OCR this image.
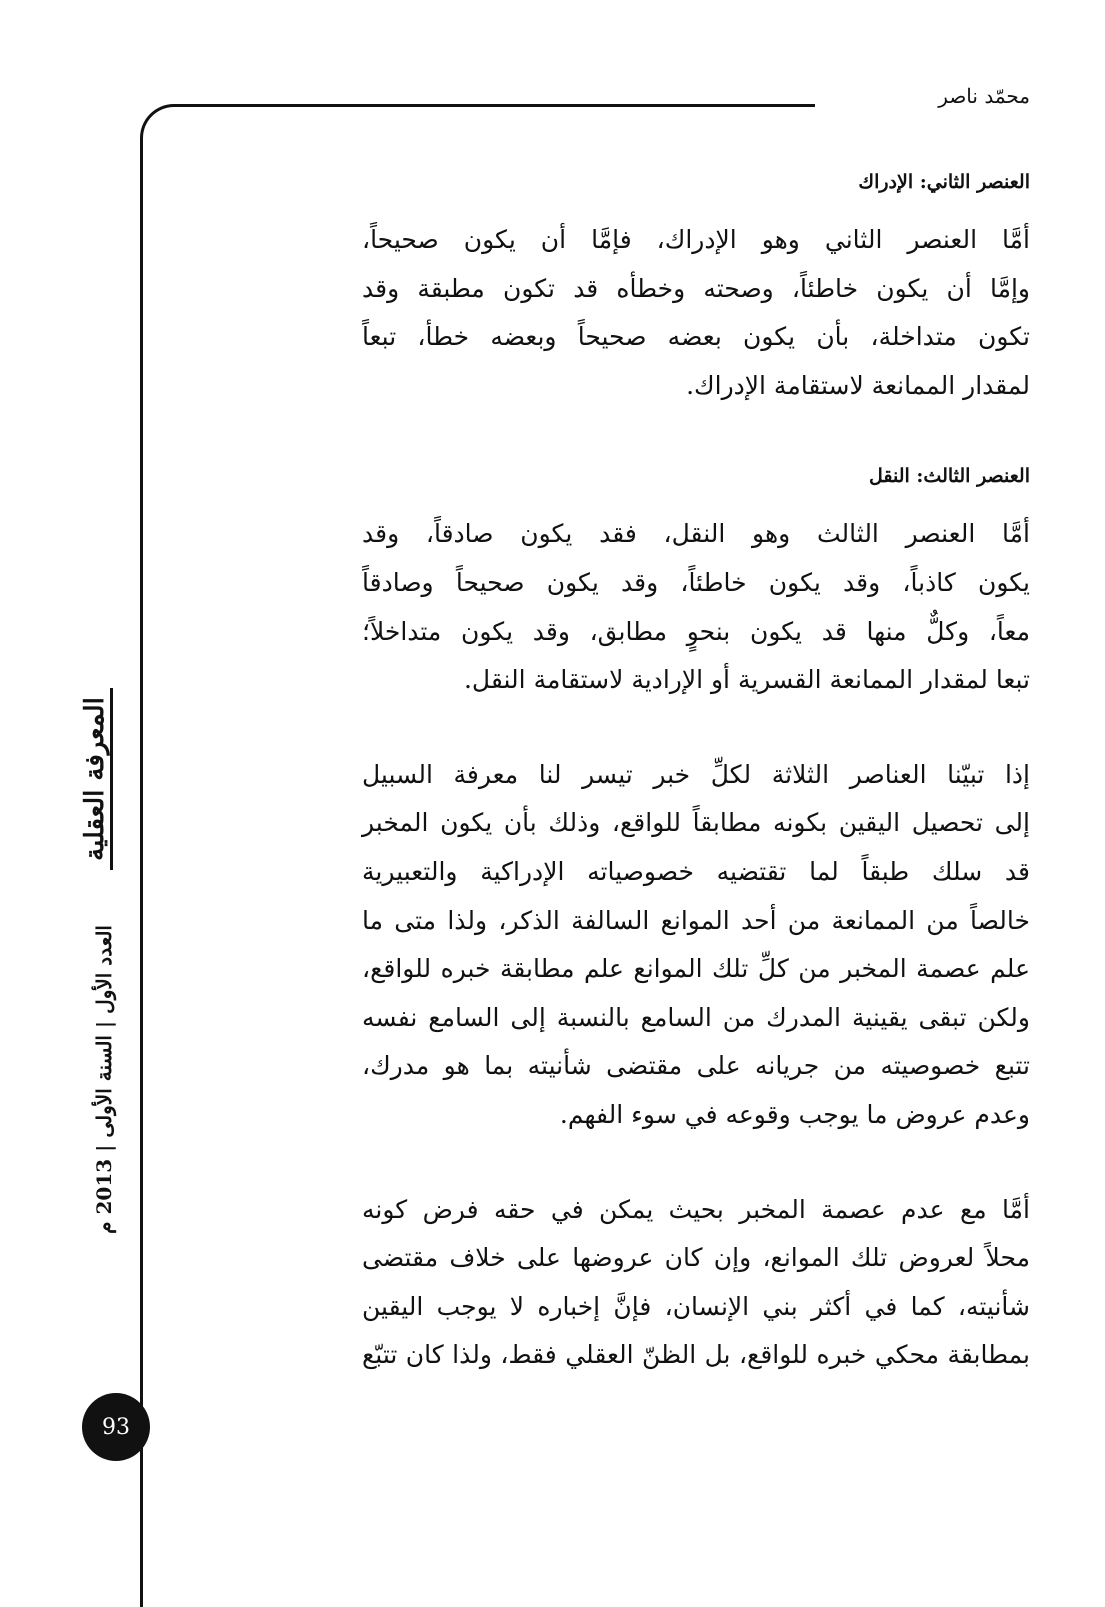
محمّد ناصر
المعرفة العقلية
العدد الأول | السنة الأولى | 2013 م
93
العنصر الثاني: الإدراك
أمَّا العنصر الثاني وهو الإدراك، فإمَّا أن يكون صحيحاً،
وإمَّا أن يكون خاطئاً، وصحته وخطأه قد تكون مطبقة وقد
تكون متداخلة، بأن يكون بعضه صحيحاً وبعضه خطأ، تبعاً
لمقدار الممانعة لاستقامة الإدراك.
العنصر الثالث: النقل
أمَّا العنصر الثالث وهو النقل، فقد يكون صادقاً، وقد
يكون كاذباً، وقد يكون خاطئاً، وقد يكون صحيحاً وصادقاً
معاً، وكلٌّ منها قد يكون بنحوٍ مطابق، وقد يكون متداخلاً؛
تبعا لمقدار الممانعة القسرية أو الإرادية لاستقامة النقل.
إذا تبيّنا العناصر الثلاثة لكلِّ خبر تيسر لنا معرفة السبيل
إلى تحصيل اليقين بكونه مطابقاً للواقع، وذلك بأن يكون المخبر
قد سلك طبقاً لما تقتضيه خصوصياته الإدراكية والتعبيرية
خالصاً من الممانعة من أحد الموانع السالفة الذكر، ولذا متى ما
علم عصمة المخبر من كلِّ تلك الموانع علم مطابقة خبره للواقع،
ولكن تبقى يقينية المدرك من السامع بالنسبة إلى السامع نفسه
تتبع خصوصيته من جريانه على مقتضى شأنيته بما هو مدرك،
وعدم عروض ما يوجب وقوعه في سوء الفهم.
أمَّا مع عدم عصمة المخبر بحيث يمكن في حقه فرض كونه
محلاً لعروض تلك الموانع، وإن كان عروضها على خلاف مقتضى
شأنيته، كما في أكثر بني الإنسان، فإنَّ إخباره لا يوجب اليقين
بمطابقة محكي خبره للواقع، بل الظنّ العقلي فقط، ولذا كان تتبّع
